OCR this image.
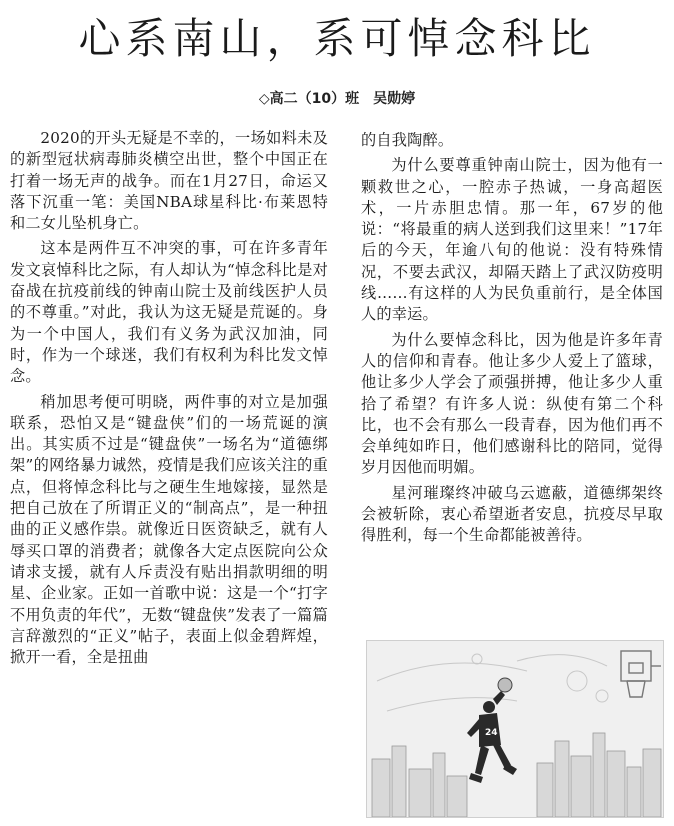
心系南山，系可悼念科比
◇高二（10）班 吴勋婷

2020的开头无疑是不幸的，一场如料未及的新型冠状病毒肺炎横空出世，整个中国正在打着一场无声的战争。而在1月27日，命运又落下沉重一笔：美国NBA球星科比·布莱恩特和二女儿坠机身亡。

这本是两件互不冲突的事，可在许多青年发文哀悼科比之际，有人却认为“悼念科比是对奋战在抗疫前线的钟南山院士及前线医护人员的不尊重。”对此，我认为这无疑是荒诞的。身为一个中国人，我们有义务为武汉加油，同时，作为一个球迷，我们有权利为科比发文悼念。

稍加思考便可明晓，两件事的对立是加强联系，恐怕又是“键盘侠”们的一场荒诞的演出。其实质不过是“键盘侠”一场名为“道德绑架”的网络暴力诚然，疫情是我们应该关注的重点，但将悼念科比与之硬生生地嫁接，显然是把自己放在了所谓正义的“制高点”，是一种扭曲的正义感作祟。就像近日医资缺乏，就有人辱买口罩的消费者；就像各大定点医院向公众请求支援，就有人斥责没有贴出捐款明细的明星、企业家。正如一首歌中说：这是一个“打字不用负责的年代”，无数“键盘侠”发表了一篇篇言辞激烈的“正义”帖子，表面上似金碧辉煌，掀开一看，全是扭曲

的自我陶醉。

为什么要尊重钟南山院士，因为他有一颗救世之心，一腔赤子热诚，一身高超医术，一片赤胆忠情。那一年，67岁的他说：“将最重的病人送到我们这里来！”17年后的今天，年逾八旬的他说：没有特殊情况，不要去武汉，却隔天踏上了武汉防疫明线……有这样的人为民负重前行，是全体国人的幸运。

为什么要悼念科比，因为他是许多年青人的信仰和青春。他让多少人爱上了篮球，他让多少人学会了顽强拼搏，他让多少人重拾了希望？有许多人说：纵使有第二个科比，也不会有那么一段青春，因为他们再不会单纯如昨日，他们感谢科比的陪同，觉得岁月因他而明媚。

星河璀璨终冲破乌云遮蔽，道德绑架终会被斩除，衷心希望逝者安息，抗疫尽早取得胜利，每一个生命都能被善待。

24
